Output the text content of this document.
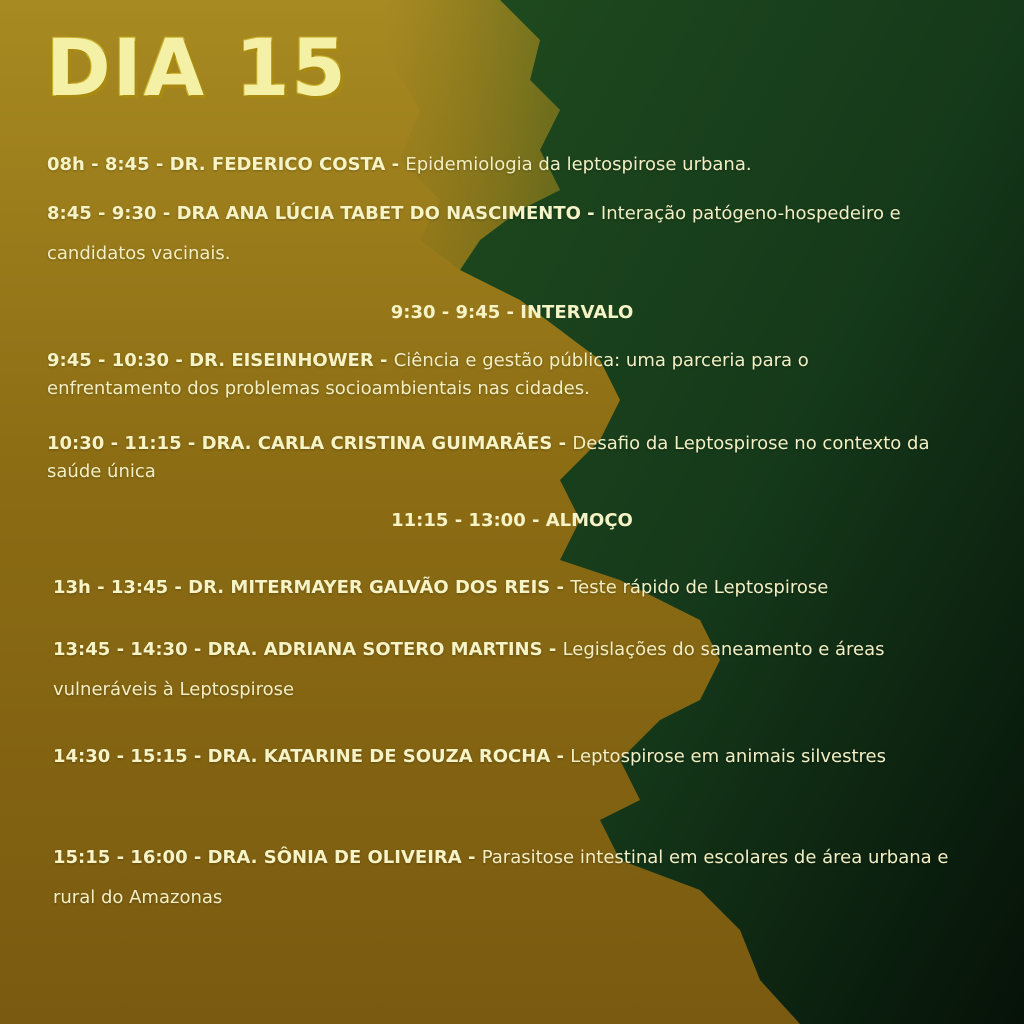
DIA 15
08h - 8:45 - DR. FEDERICO COSTA - Epidemiologia da leptospirose urbana.
8:45 - 9:30 - DRA ANA LÚCIA TABET DO NASCIMENTO - Interação patógeno-hospedeiro e candidatos vacinais.
9:30 - 9:45 - INTERVALO
9:45 - 10:30 - DR. EISEINHOWER - Ciência e gestão pública: uma parceria para o enfrentamento dos problemas socioambientais nas cidades.
10:30 - 11:15 - DRA. CARLA CRISTINA GUIMARÃES - Desafio da Leptospirose no contexto da saúde única
11:15 - 13:00 - ALMOÇO
13h - 13:45 - DR. MITERMAYER GALVÃO DOS REIS - Teste rápido de Leptospirose
13:45 - 14:30 - DRA. ADRIANA SOTERO MARTINS - Legislações do saneamento e áreas vulneráveis à Leptospirose
14:30 - 15:15 - DRA. KATARINE DE SOUZA ROCHA - Leptospirose em animais silvestres
15:15 - 16:00 - DRA. SÔNIA DE OLIVEIRA - Parasitose intestinal em escolares de área urbana e rural do Amazonas
